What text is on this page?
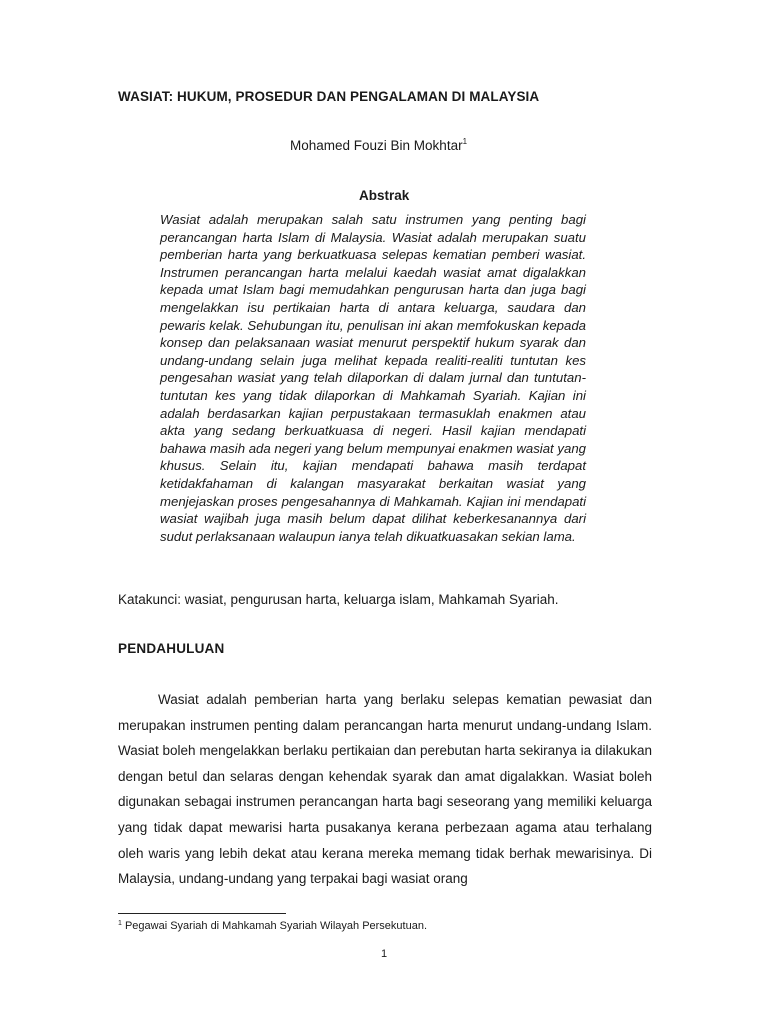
WASIAT: HUKUM, PROSEDUR DAN PENGALAMAN DI MALAYSIA
Mohamed Fouzi Bin Mokhtar$^1$
Abstrak

Wasiat adalah merupakan salah satu instrumen yang penting bagi perancangan harta Islam di Malaysia. Wasiat adalah merupakan suatu pemberian harta yang berkuatkuasa selepas kematian pemberi wasiat. Instrumen perancangan harta melalui kaedah wasiat amat digalakkan kepada umat Islam bagi memudahkan pengurusan harta dan juga bagi mengelakkan isu pertikaian harta di antara keluarga, saudara dan pewaris kelak. Sehubungan itu, penulisan ini akan memfokuskan kepada konsep dan pelaksanaan wasiat menurut perspektif hukum syarak dan undang-undang selain juga melihat kepada realiti-realiti tuntutan kes pengesahan wasiat yang telah dilaporkan di dalam jurnal dan tuntutan-tuntutan kes yang tidak dilaporkan di Mahkamah Syariah. Kajian ini adalah berdasarkan kajian perpustakaan termasuklah enakmen atau akta yang sedang berkuatkuasa di negeri. Hasil kajian mendapati bahawa masih ada negeri yang belum mempunyai enakmen wasiat yang khusus. Selain itu, kajian mendapati bahawa masih terdapat ketidakfahaman di kalangan masyarakat berkaitan wasiat yang menjejaskan proses pengesahannya di Mahkamah. Kajian ini mendapati wasiat wajibah juga masih belum dapat dilihat keberkesanannya dari sudut perlaksanaan walaupun ianya telah dikuatkuasakan sekian lama.

Katakunci: wasiat, pengurusan harta, keluarga islam, Mahkamah Syariah.
PENDAHULUAN

Wasiat adalah pemberian harta yang berlaku selepas kematian pewasiat dan merupakan instrumen penting dalam perancangan harta menurut undang-undang Islam. Wasiat boleh mengelakkan berlaku pertikaian dan perebutan harta sekiranya ia dilakukan dengan betul dan selaras dengan kehendak syarak dan amat digalakkan. Wasiat boleh digunakan sebagai instrumen perancangan harta bagi seseorang yang memiliki keluarga yang tidak dapat mewarisi harta pusakanya kerana perbezaan agama atau terhalang oleh waris yang lebih dekat atau kerana mereka memang tidak berhak mewarisinya. Di Malaysia, undang-undang yang terpakai bagi wasiat orang

$^1$ Pegawai Syariah di Mahkamah Syariah Wilayah Persekutuan.
1
